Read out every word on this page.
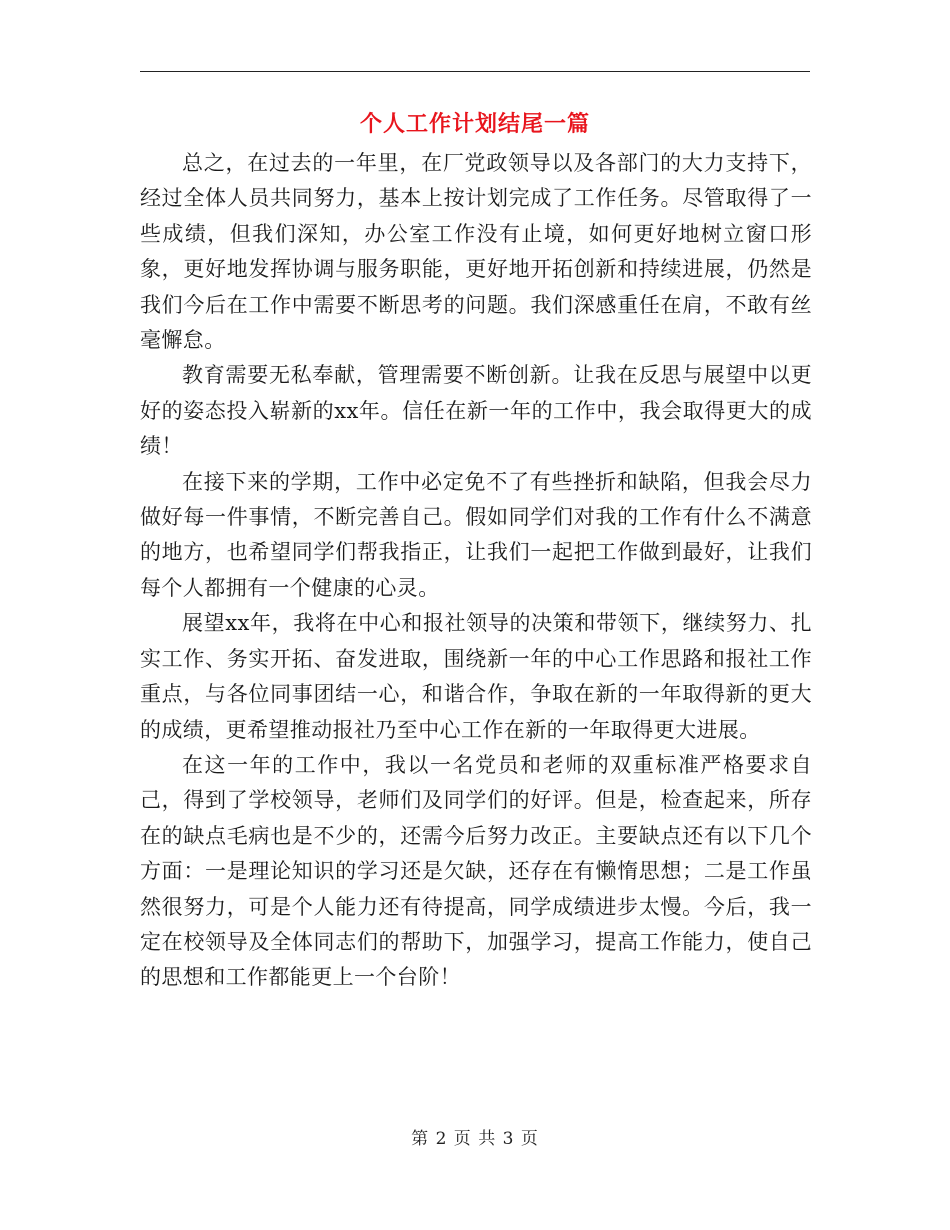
个人工作计划结尾一篇

总之，在过去的一年里，在厂党政领导以及各部门的大力支持下，经过全体人员共同努力，基本上按计划完成了工作任务。尽管取得了一些成绩，但我们深知，办公室工作没有止境，如何更好地树立窗口形象，更好地发挥协调与服务职能，更好地开拓创新和持续进展，仍然是我们今后在工作中需要不断思考的问题。我们深感重任在肩，不敢有丝毫懈怠。

教育需要无私奉献，管理需要不断创新。让我在反思与展望中以更好的姿态投入崭新的xx年。信任在新一年的工作中，我会取得更大的成绩！

在接下来的学期，工作中必定免不了有些挫折和缺陷，但我会尽力做好每一件事情，不断完善自己。假如同学们对我的工作有什么不满意的地方，也希望同学们帮我指正，让我们一起把工作做到最好，让我们每个人都拥有一个健康的心灵。

展望xx年，我将在中心和报社领导的决策和带领下，继续努力、扎实工作、务实开拓、奋发进取，围绕新一年的中心工作思路和报社工作重点，与各位同事团结一心，和谐合作，争取在新的一年取得新的更大的成绩，更希望推动报社乃至中心工作在新的一年取得更大进展。

在这一年的工作中，我以一名党员和老师的双重标准严格要求自己，得到了学校领导，老师们及同学们的好评。但是，检查起来，所存在的缺点毛病也是不少的，还需今后努力改正。主要缺点还有以下几个方面：一是理论知识的学习还是欠缺，还存在有懒惰思想；二是工作虽然很努力，可是个人能力还有待提高，同学成绩进步太慢。今后，我一定在校领导及全体同志们的帮助下，加强学习，提高工作能力，使自己的思想和工作都能更上一个台阶！

第 2 页 共 3 页
